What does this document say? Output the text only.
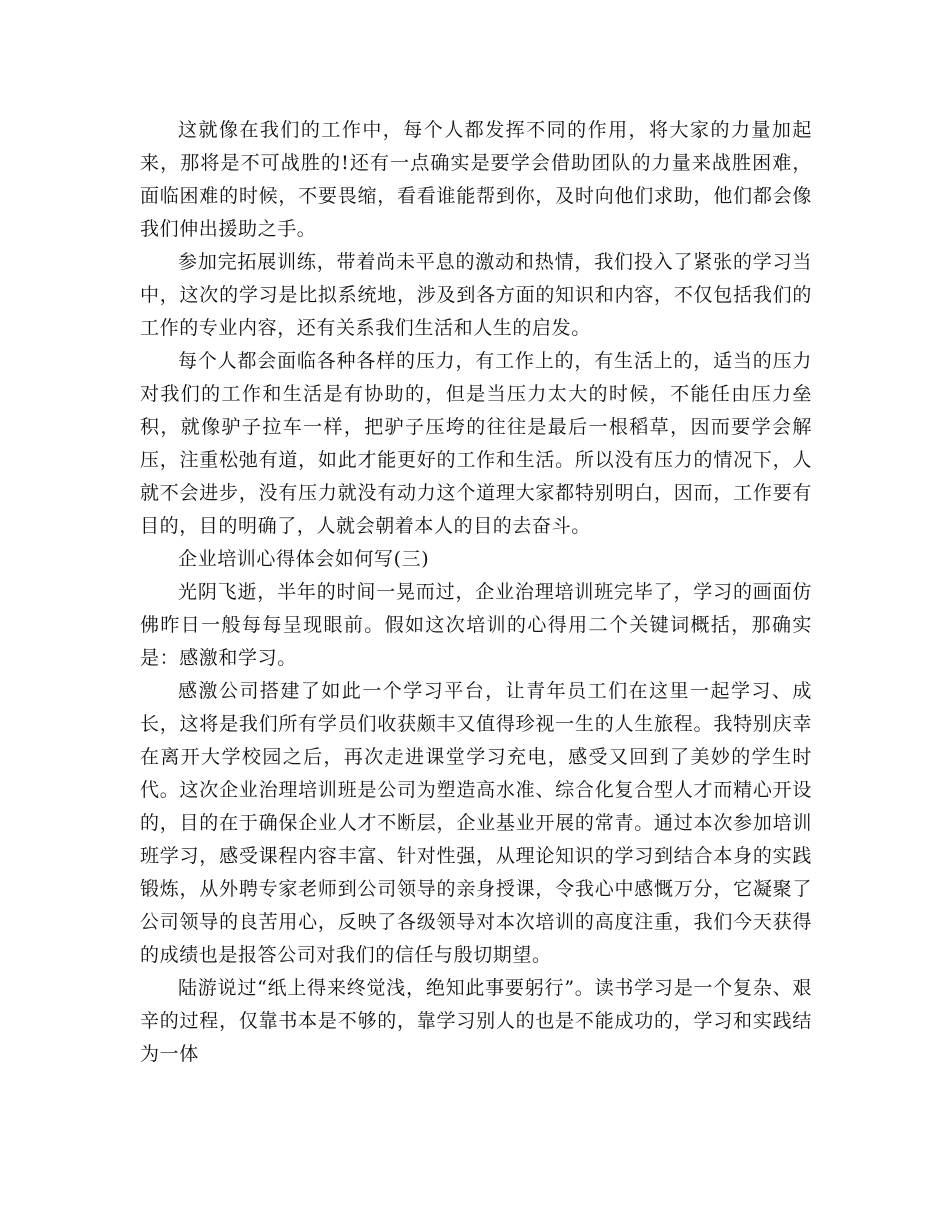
这就像在我们的工作中，每个人都发挥不同的作用，将大家的力量加起来，那将是不可战胜的!还有一点确实是要学会借助团队的力量来战胜困难，面临困难的时候，不要畏缩，看看谁能帮到你，及时向他们求助，他们都会像我们伸出援助之手。

参加完拓展训练，带着尚未平息的激动和热情，我们投入了紧张的学习当中，这次的学习是比拟系统地，涉及到各方面的知识和内容，不仅包括我们的工作的专业内容，还有关系我们生活和人生的启发。

每个人都会面临各种各样的压力，有工作上的，有生活上的，适当的压力对我们的工作和生活是有协助的，但是当压力太大的时候，不能任由压力垒积，就像驴子拉车一样，把驴子压垮的往往是最后一根稻草，因而要学会解压，注重松弛有道，如此才能更好的工作和生活。所以没有压力的情况下，人就不会进步，没有压力就没有动力这个道理大家都特别明白，因而，工作要有目的，目的明确了，人就会朝着本人的目的去奋斗。

企业培训心得体会如何写(三)

光阴飞逝，半年的时间一晃而过，企业治理培训班完毕了，学习的画面仿佛昨日一般每每呈现眼前。假如这次培训的心得用二个关键词概括，那确实是：感激和学习。

感激公司搭建了如此一个学习平台，让青年员工们在这里一起学习、成长，这将是我们所有学员们收获颇丰又值得珍视一生的人生旅程。我特别庆幸在离开大学校园之后，再次走进课堂学习充电，感受又回到了美妙的学生时代。这次企业治理培训班是公司为塑造高水准、综合化复合型人才而精心开设的，目的在于确保企业人才不断层，企业基业开展的常青。通过本次参加培训班学习，感受课程内容丰富、针对性强，从理论知识的学习到结合本身的实践锻炼，从外聘专家老师到公司领导的亲身授课，令我心中感慨万分，它凝聚了公司领导的良苦用心，反映了各级领导对本次培训的高度注重，我们今天获得的成绩也是报答公司对我们的信任与殷切期望。

陆游说过“纸上得来终觉浅，绝知此事要躬行”。读书学习是一个复杂、艰辛的过程，仅靠书本是不够的，靠学习别人的也是不能成功的，学习和实践结为一体
